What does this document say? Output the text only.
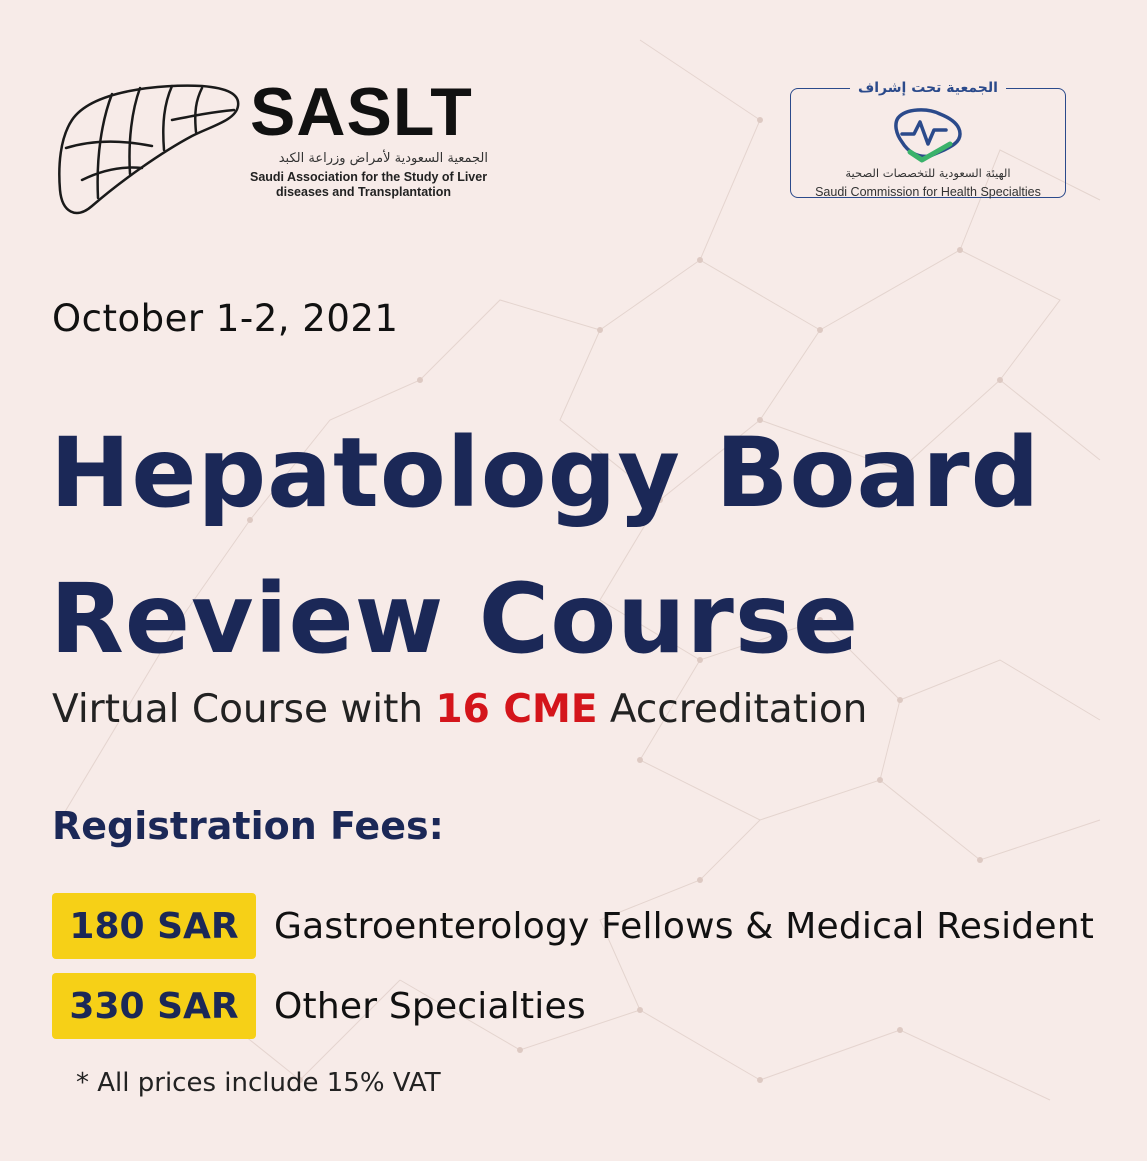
SASLT
الجمعية السعودية لأمراض وزراعة الكبد
Saudi Association for the Study of Liver
diseases and Transplantation
الجمعية تحت إشراف
الهيئة السعودية للتخصصات الصحية
Saudi Commission for Health Specialties
October 1-2, 2021
Hepatology Board
Review Course
Virtual Course with 16 CME Accreditation
Registration Fees:
180 SAR Gastroenterology Fellows & Medical Resident
330 SAR Other Specialties
* All prices include 15% VAT
